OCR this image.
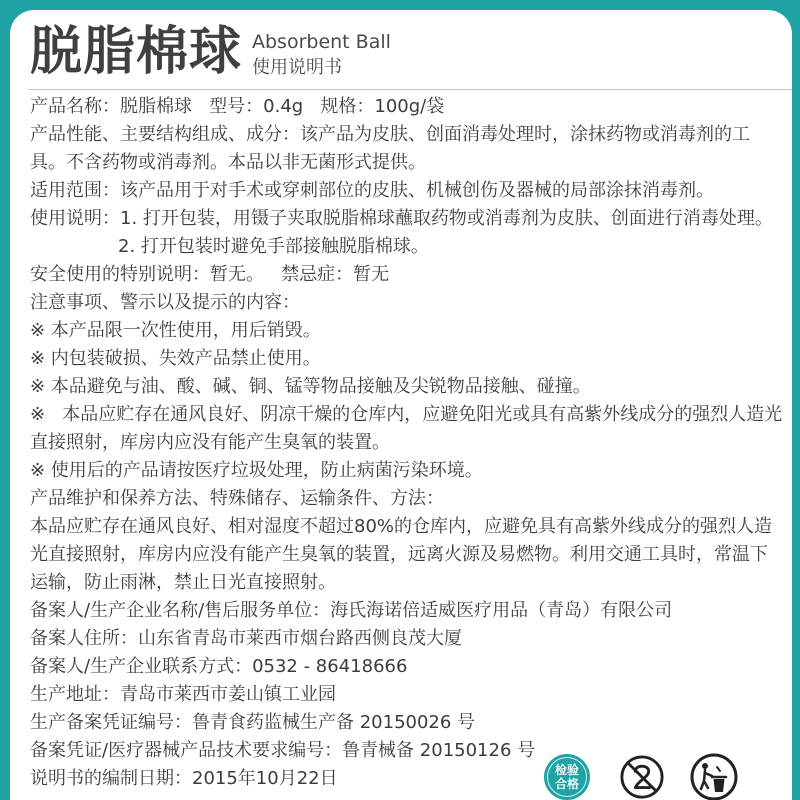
脱脂棉球 Absorbent Ball
使用说明书
产品名称：脱脂棉球   型号：0.4g   规格：100g/袋
产品性能、主要结构组成、成分：该产品为皮肤、创面消毒处理时，涂抹药物或消毒剂的工
具。不含药物或消毒剂。本品以非无菌形式提供。
适用范围：该产品用于对手术或穿刺部位的皮肤、机械创伤及器械的局部涂抹消毒剂。
使用说明：1. 打开包装，用镊子夹取脱脂棉球蘸取药物或消毒剂为皮肤、创面进行消毒处理。
2. 打开包装时避免手部接触脱脂棉球。
安全使用的特别说明：暂无。   禁忌症：暂无
注意事项、警示以及提示的内容：
※ 本产品限一次性使用，用后销毁。
※ 内包装破损、失效产品禁止使用。
※ 本品避免与油、酸、碱、铜、锰等物品接触及尖锐物品接触、碰撞。
※   本品应贮存在通风良好、阴凉干燥的仓库内，应避免阳光或具有高紫外线成分的强烈人造光
直接照射，库房内应没有能产生臭氧的装置。
※ 使用后的产品请按医疗垃圾处理，防止病菌污染环境。
产品维护和保养方法、特殊储存、运输条件、方法：
本品应贮存在通风良好、相对湿度不超过80%的仓库内，应避免具有高紫外线成分的强烈人造
光直接照射，库房内应没有能产生臭氧的装置，远离火源及易燃物。利用交通工具时，常温下
运输，防止雨淋，禁止日光直接照射。
备案人/生产企业名称/售后服务单位：海氏海诺倍适威医疗用品（青岛）有限公司
备案人住所：山东省青岛市莱西市烟台路西侧良茂大厦
备案人/生产企业联系方式：0532 - 86418666
生产地址：青岛市莱西市姜山镇工业园
生产备案凭证编号：鲁青食药监械生产备 20150026 号
备案凭证/医疗器械产品技术要求编号：鲁青械备 20150126 号
说明书的编制日期：2015年10月22日	检验
合格
